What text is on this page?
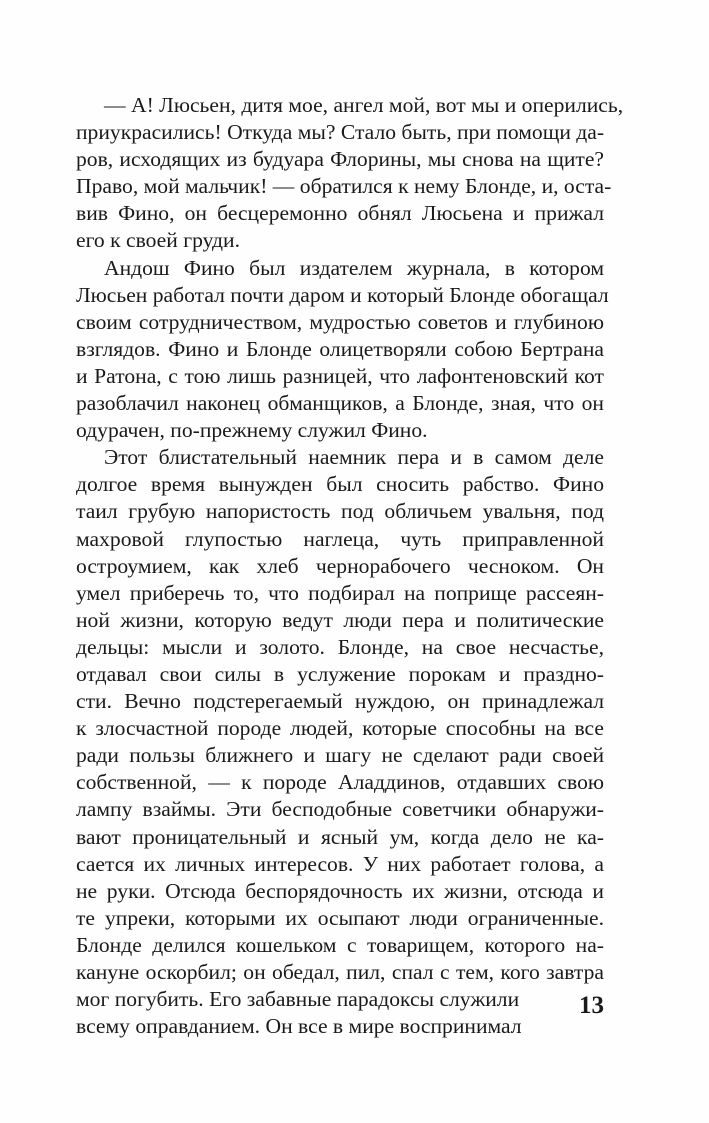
— А! Люсьен, дитя мое, ангел мой, вот мы и оперились,
приукрасились! Откуда мы? Стало быть, при помощи да-
ров, исходящих из будуара Флорины, мы снова на щите?
Право, мой мальчик! — обратился к нему Блонде, и, оста-
вив Фино, он бесцеремонно обнял Люсьена и прижал
его к своей груди.
Андош Фино был издателем журнала, в котором
Люсьен работал почти даром и который Блонде обогащал
своим сотрудничеством, мудростью советов и глубиною
взглядов. Фино и Блонде олицетворяли собою Бертрана
и Ратона, с тою лишь разницей, что лафонтеновский кот
разоблачил наконец обманщиков, а Блонде, зная, что он
одурачен, по-прежнему служил Фино.
Этот блистательный наемник пера и в самом деле
долгое время вынужден был сносить рабство. Фино
таил грубую напористость под обличьем увальня, под
махровой глупостью наглеца, чуть приправленной
остроумием, как хлеб чернорабочего чесноком. Он
умел приберечь то, что подбирал на поприще рассеян-
ной жизни, которую ведут люди пера и политические
дельцы: мысли и золото. Блонде, на свое несчастье,
отдавал свои силы в услужение порокам и праздно-
сти. Вечно подстерегаемый нуждою, он принадлежал
к злосчастной породе людей, которые способны на все
ради пользы ближнего и шагу не сделают ради своей
собственной, — к породе Аладдинов, отдавших свою
лампу взаймы. Эти бесподобные советчики обнаружи-
вают проницательный и ясный ум, когда дело не ка-
сается их личных интересов. У них работает голова, а
не руки. Отсюда беспорядочность их жизни, отсюда и
те упреки, которыми их осыпают люди ограниченные.
Блонде делился кошельком с товарищем, которого на-
кануне оскорбил; он обедал, пил, спал с тем, кого завтра
мог погубить. Его забавные парадоксы служили
всему оправданием. Он все в мире воспринимал
13
